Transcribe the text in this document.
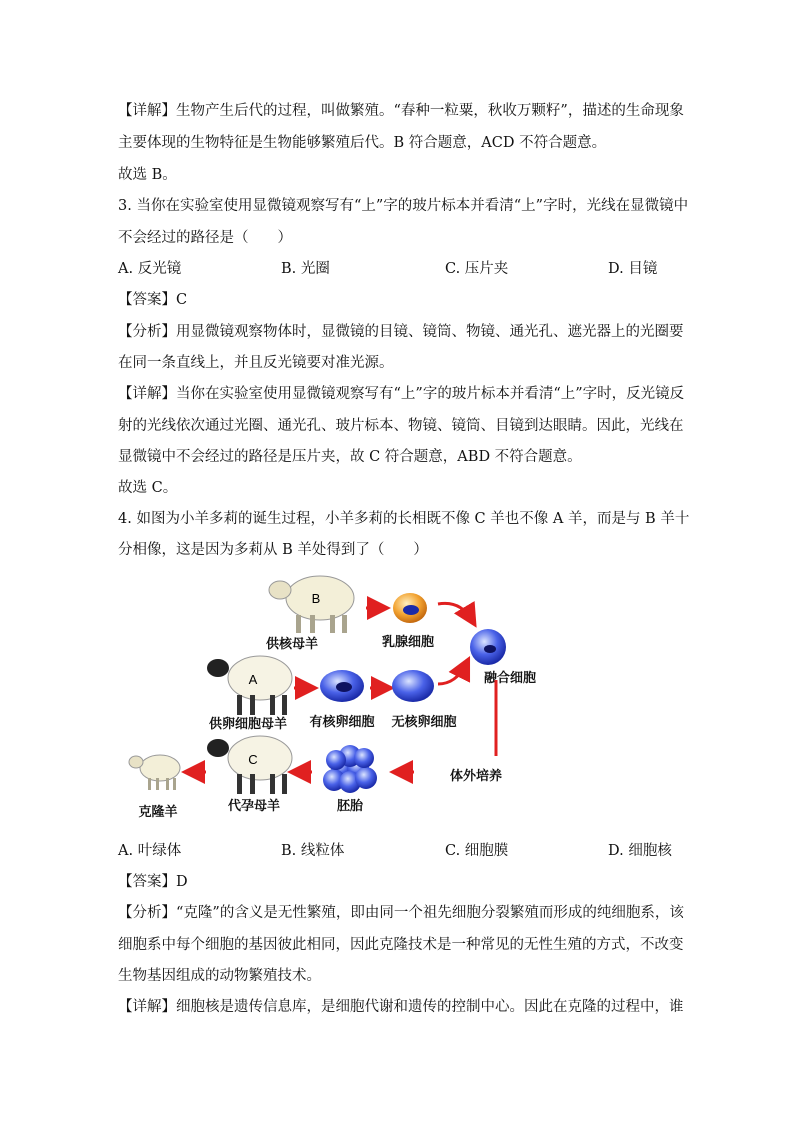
【详解】生物产生后代的过程，叫做繁殖。“春种一粒粟，秋收万颗籽”，描述的生命现象
主要体现的生物特征是生物能够繁殖后代。B 符合题意，ACD 不符合题意。
故选 B。
3. 当你在实验室使用显微镜观察写有“上”字的玻片标本并看清“上”字时，光线在显微镜中
不会经过的路径是（　　）
A. 反光镜	B. 光圈	C. 压片夹	D. 目镜
【答案】C
【分析】用显微镜观察物体时，显微镜的目镜、镜筒、物镜、通光孔、遮光器上的光圈要
在同一条直线上，并且反光镜要对准光源。
【详解】当你在实验室使用显微镜观察写有“上”字的玻片标本并看清“上”字时，反光镜反
射的光线依次通过光圈、通光孔、玻片标本、物镜、镜筒、目镜到达眼睛。因此，光线在
显微镜中不会经过的路径是压片夹，故 C 符合题意，ABD 不符合题意。
故选 C。
4. 如图为小羊多莉的诞生过程，小羊多莉的长相既不像 C 羊也不像 A 羊，而是与 B 羊十
分相像，这是因为多莉从 B 羊处得到了（　　）
B
供核母羊	乳腺细胞
融合细胞
A
供卵细胞母羊 有核卵细胞 无核卵细胞
体外培养
胚胎
C
代孕母羊
克隆羊
A. 叶绿体	B. 线粒体	C. 细胞膜	D. 细胞核
【答案】D
【分析】“克隆”的含义是无性繁殖，即由同一个祖先细胞分裂繁殖而形成的纯细胞系，该
细胞系中每个细胞的基因彼此相同，因此克隆技术是一种常见的无性生殖的方式，不改变
生物基因组成的动物繁殖技术。
【详解】细胞核是遗传信息库，是细胞代谢和遗传的控制中心。因此在克隆的过程中，谁
